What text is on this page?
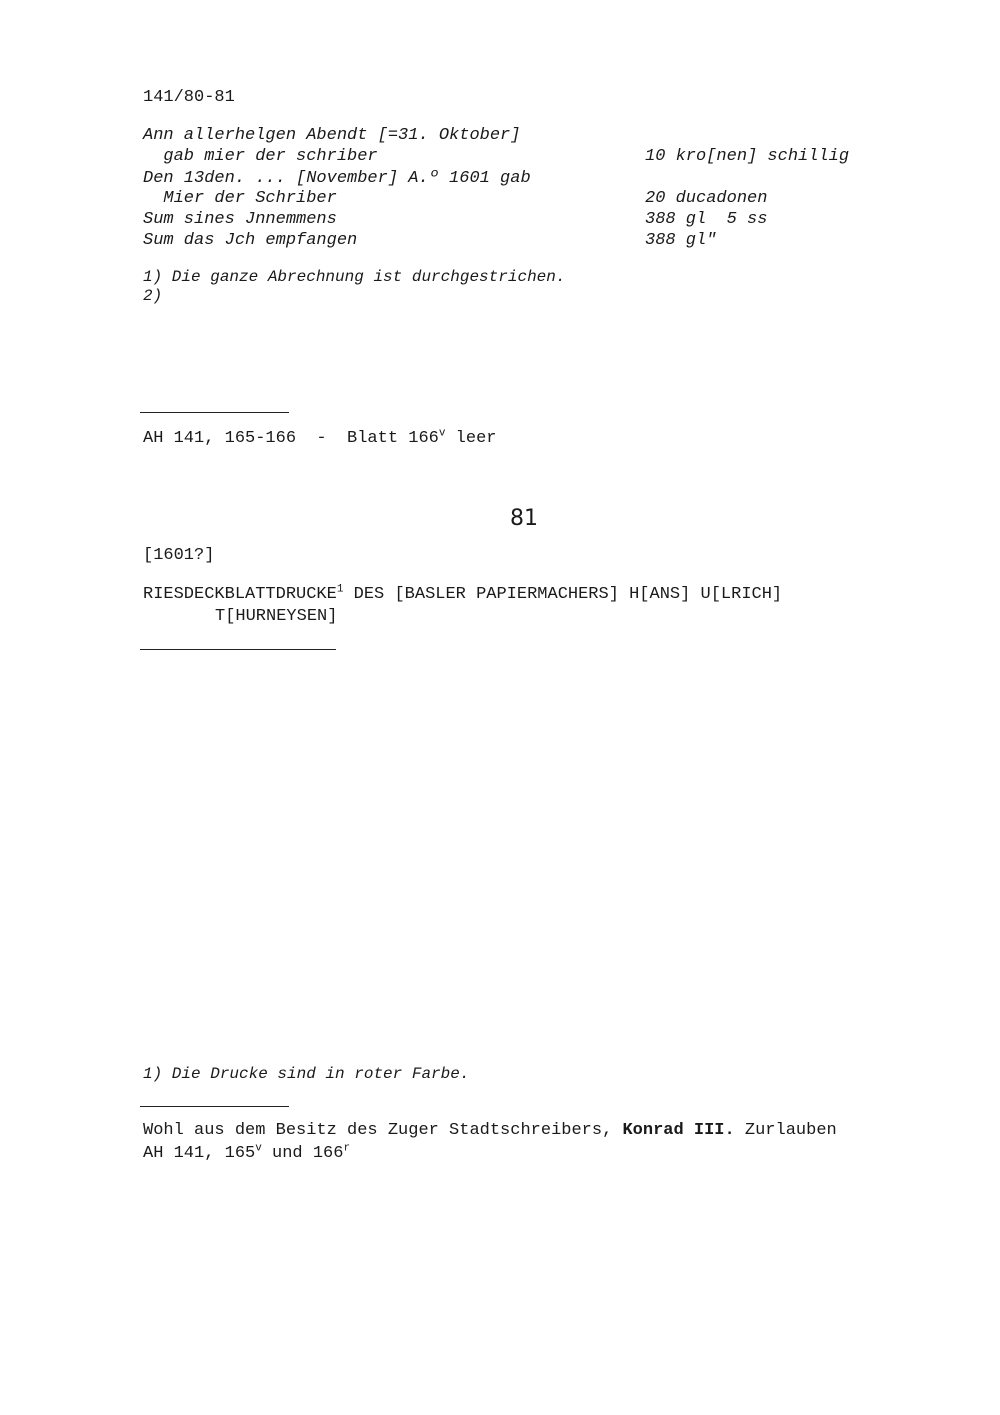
141/80-81
Ann allerhelgen Abendt [=31. Oktober]
gab mier der schriber	10 kro[nen] schillig
Den 13den. ... [November] A.º 1601 gab
Mier der Schriber	20 ducadonen
Sum sines Jnnemmens	388 gl  5 ss
Sum das Jch empfangen	388 gl"
1) Die ganze Abrechnung ist durchgestrichen.
2)
AH 141, 165-166  -  Blatt 166$^v$ leer
81
[1601?]
RIESDECKBLATTDRUCKE$^1$ DES [BASLER PAPIERMACHERS] H[ANS] U[LRICH]
T[HURNEYSEN]
1) Die Drucke sind in roter Farbe.
Wohl aus dem Besitz des Zuger Stadtschreibers, Konrad III. Zurlauben
AH 141, 165$^v$ und 166$^r$
